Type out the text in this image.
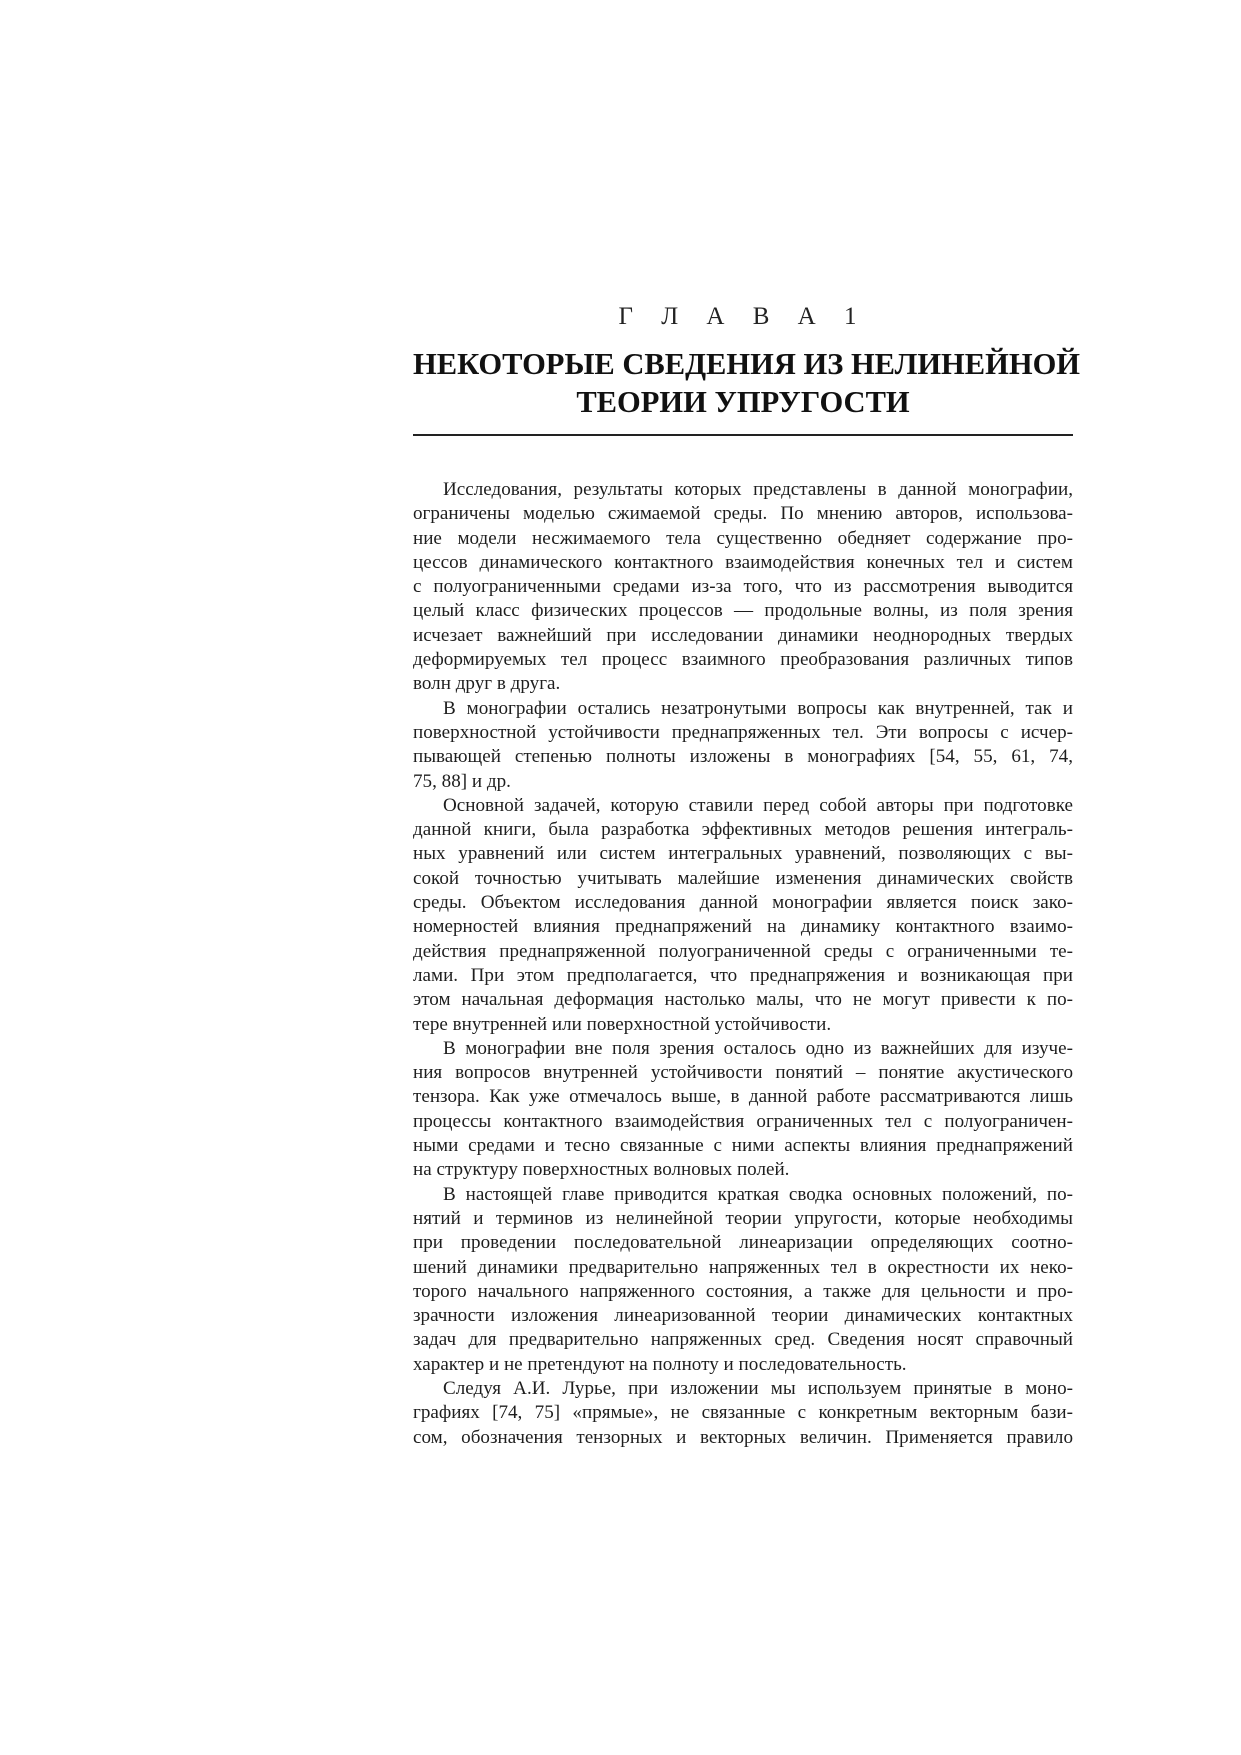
Г Л А В А 1
НЕКОТОРЫЕ СВЕДЕНИЯ ИЗ НЕЛИНЕЙНОЙ
ТЕОРИИ УПРУГОСТИ
Исследования, результаты которых представлены в данной монографии,
ограничены моделью сжимаемой среды. По мнению авторов, использова-
ние модели несжимаемого тела существенно обедняет содержание про-
цессов динамического контактного взаимодействия конечных тел и систем
с полуограниченными средами из-за того, что из рассмотрения выводится
целый класс физических процессов — продольные волны, из поля зрения
исчезает важнейший при исследовании динамики неоднородных твердых
деформируемых тел процесс взаимного преобразования различных типов
волн друг в друга.
В монографии остались незатронутыми вопросы как внутренней, так и
поверхностной устойчивости преднапряженных тел. Эти вопросы с исчер-
пывающей степенью полноты изложены в монографиях [54, 55, 61, 74,
75, 88] и др.
Основной задачей, которую ставили перед собой авторы при подготовке
данной книги, была разработка эффективных методов решения интеграль-
ных уравнений или систем интегральных уравнений, позволяющих с вы-
сокой точностью учитывать малейшие изменения динамических свойств
среды. Объектом исследования данной монографии является поиск зако-
номерностей влияния преднапряжений на динамику контактного взаимо-
действия преднапряженной полуограниченной среды с ограниченными те-
лами. При этом предполагается, что преднапряжения и возникающая при
этом начальная деформация настолько малы, что не могут привести к по-
тере внутренней или поверхностной устойчивости.
В монографии вне поля зрения осталось одно из важнейших для изуче-
ния вопросов внутренней устойчивости понятий – понятие акустического
тензора. Как уже отмечалось выше, в данной работе рассматриваются лишь
процессы контактного взаимодействия ограниченных тел с полуограничен-
ными средами и тесно связанные с ними аспекты влияния преднапряжений
на структуру поверхностных волновых полей.
В настоящей главе приводится краткая сводка основных положений, по-
нятий и терминов из нелинейной теории упругости, которые необходимы
при проведении последовательной линеаризации определяющих соотно-
шений динамики предварительно напряженных тел в окрестности их неко-
торого начального напряженного состояния, а также для цельности и про-
зрачности изложения линеаризованной теории динамических контактных
задач для предварительно напряженных сред. Сведения носят справочный
характер и не претендуют на полноту и последовательность.
Следуя А.И. Лурье, при изложении мы используем принятые в моно-
графиях [74, 75] «прямые», не связанные с конкретным векторным бази-
сом, обозначения тензорных и векторных величин. Применяется правило
